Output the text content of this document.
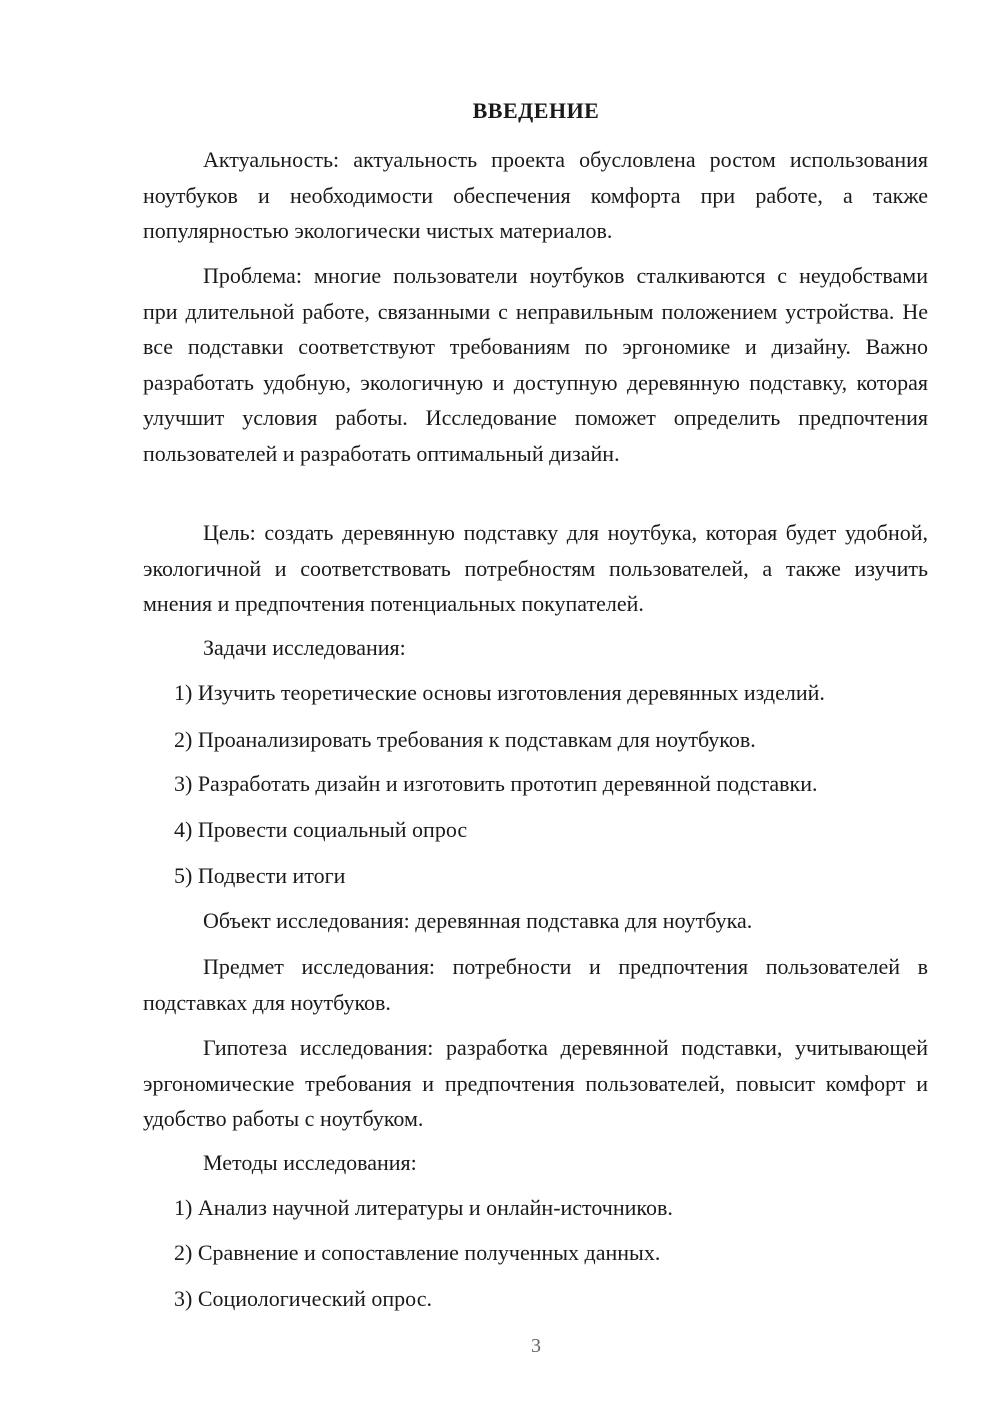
ВВЕДЕНИЕ

Актуальность: актуальность проекта обусловлена ростом использования ноутбуков и необходимости обеспечения комфорта при работе, а также популярностью экологически чистых материалов.

Проблема: многие пользователи ноутбуков сталкиваются с неудобствами при длительной работе, связанными с неправильным положением устройства. Не все подставки соответствуют требованиям по эргономике и дизайну. Важно разработать удобную, экологичную и доступную деревянную подставку, которая улучшит условия работы. Исследование поможет определить предпочтения пользователей и разработать оптимальный дизайн.

Цель: создать деревянную подставку для ноутбука, которая будет удобной, экологичной и соответствовать потребностям пользователей, а также изучить мнения и предпочтения потенциальных покупателей.

Задачи исследования:

1) Изучить теоретические основы изготовления деревянных изделий.

2) Проанализировать требования к подставкам для ноутбуков.

3) Разработать дизайн и изготовить прототип деревянной подставки.

4) Провести социальный опрос

5) Подвести итоги

Объект исследования: деревянная подставка для ноутбука.

Предмет исследования: потребности и предпочтения пользователей в подставках для ноутбуков.

Гипотеза исследования: разработка деревянной подставки, учитывающей эргономические требования и предпочтения пользователей, повысит комфорт и удобство работы с ноутбуком.

Методы исследования:

1) Анализ научной литературы и онлайн-источников.

2) Сравнение и сопоставление полученных данных.

3) Социологический опрос.

3
